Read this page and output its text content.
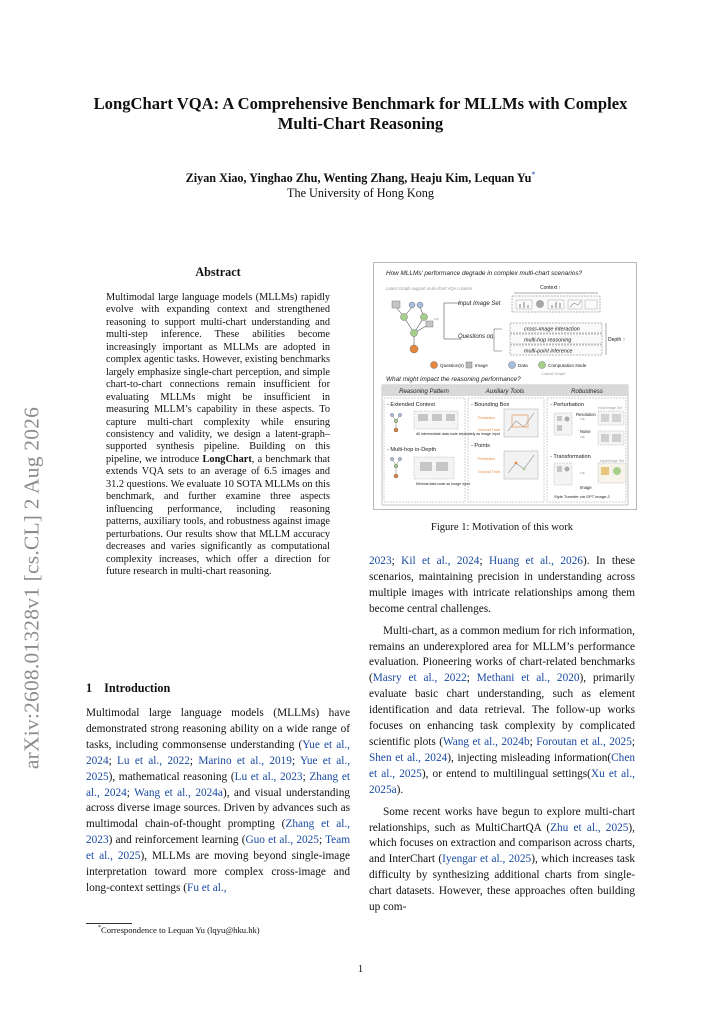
arXiv:2608.01328v1 [cs.CL] 2 Aug 2026
LongChart VQA: A Comprehensive Benchmark for MLLMs with Complex Multi-Chart Reasoning
Ziyan Xiao, Yinghao Zhu, Wenting Zhang, Heaju Kim, Lequan Yu*
The University of Hong Kong
Abstract
Multimodal large language models (MLLMs) rapidly evolve with expanding context and strengthened reasoning to support multi-chart understanding and multi-step inference. These abilities become increasingly important as MLLMs are adopted in complex agentic tasks. However, existing benchmarks largely emphasize single-chart perception, and simple chart-to-chart connections remain insufficient for evaluating MLLMs might be insufficient in measuring MLLM’s capability in these aspects. To capture multi-chart complexity while ensuring consistency and validity, we design a latent-graph–supported synthesis pipeline. Building on this pipeline, we introduce LongChart, a benchmark that extends VQA sets to an average of 6.5 images and 31.2 questions. We evaluate 10 SOTA MLLMs on this benchmark, and further examine three aspects influencing performance, including reasoning patterns, auxiliary tools, and robustness against image perturbations. Our results show that MLLM accuracy decreases and varies significantly as computational complexity increases, which offer a direction for future research in multi-chart reasoning.
1 Introduction

Multimodal large language models (MLLMs) have demonstrated strong reasoning ability on a wide range of tasks, including commonsense understanding (Yue et al., 2024; Lu et al., 2022; Marino et al., 2019; Yue et al., 2025), mathematical reasoning (Lu et al., 2023; Zhang et al., 2024; Wang et al., 2024a), and visual understanding across diverse image sources. Driven by advances such as multimodal chain-of-thought prompting (Zhang et al., 2023) and reinforcement learning (Guo et al., 2025; Team et al., 2025), MLLMs are moving beyond single-image interpretation toward more complex cross-image and long-context settings (Fu et al.,

2023; Kil et al., 2024; Huang et al., 2026). In these scenarios, maintaining precision in understanding across multiple images with intricate relationships among them become central challenges.

Multi-chart, as a common medium for rich information, remains an underexplored area for MLLM’s performance evaluation. Pioneering works of chart-related benchmarks (Masry et al., 2022; Methani et al., 2020), primarily evaluate basic chart understanding, such as element identification and data retrieval. The follow-up works focuses on enhancing task complexity by complicated scientific plots (Wang et al., 2024b; Foroutan et al., 2025; Shen et al., 2024), injecting misleading information(Chen et al., 2025), or entend to multilingual settings(Xu et al., 2025a).

Some recent works have begun to explore multi-chart relationships, such as MultiChartQA (Zhu et al., 2025), which focuses on extraction and comparison across charts, and InterChart (Iyengar et al., 2025), which increases task difficulty by synthesizing additional charts from single-chart datasets. However, these approaches often building up com-

*Correspondence to Lequan Yu (lqyu@hku.hk)
1
How MLLMs’ performance degrade in complex multi-chart scenarios?
Latent Graph support multi-chart VQA curation
⇨
Input Image Set
Context ↑
Questions on
cross-image interaction
multi-hop reasoning
multi-point inference
Depth ↑
Question(s) Image	Data	Computation Node
Latent Graph
What might impact the reasoning performance?
Reasoning Pattern	Auxiliary Tools	Robustness
- Extended Context
All intermediate data node separately as image input
- Multi-hop in-Depth
Minimal data node as image input
- Bounding Box
Prediction
Ground Truth
- Points
Prediction
Ground Truth
- Perturbation	Input Image Set
Resolution
⇨
Noise
⇨
- Transformation
Input Image Set
⇨
Image
Style Transfer via GPT image-2
Figure 1: Motivation of this work
